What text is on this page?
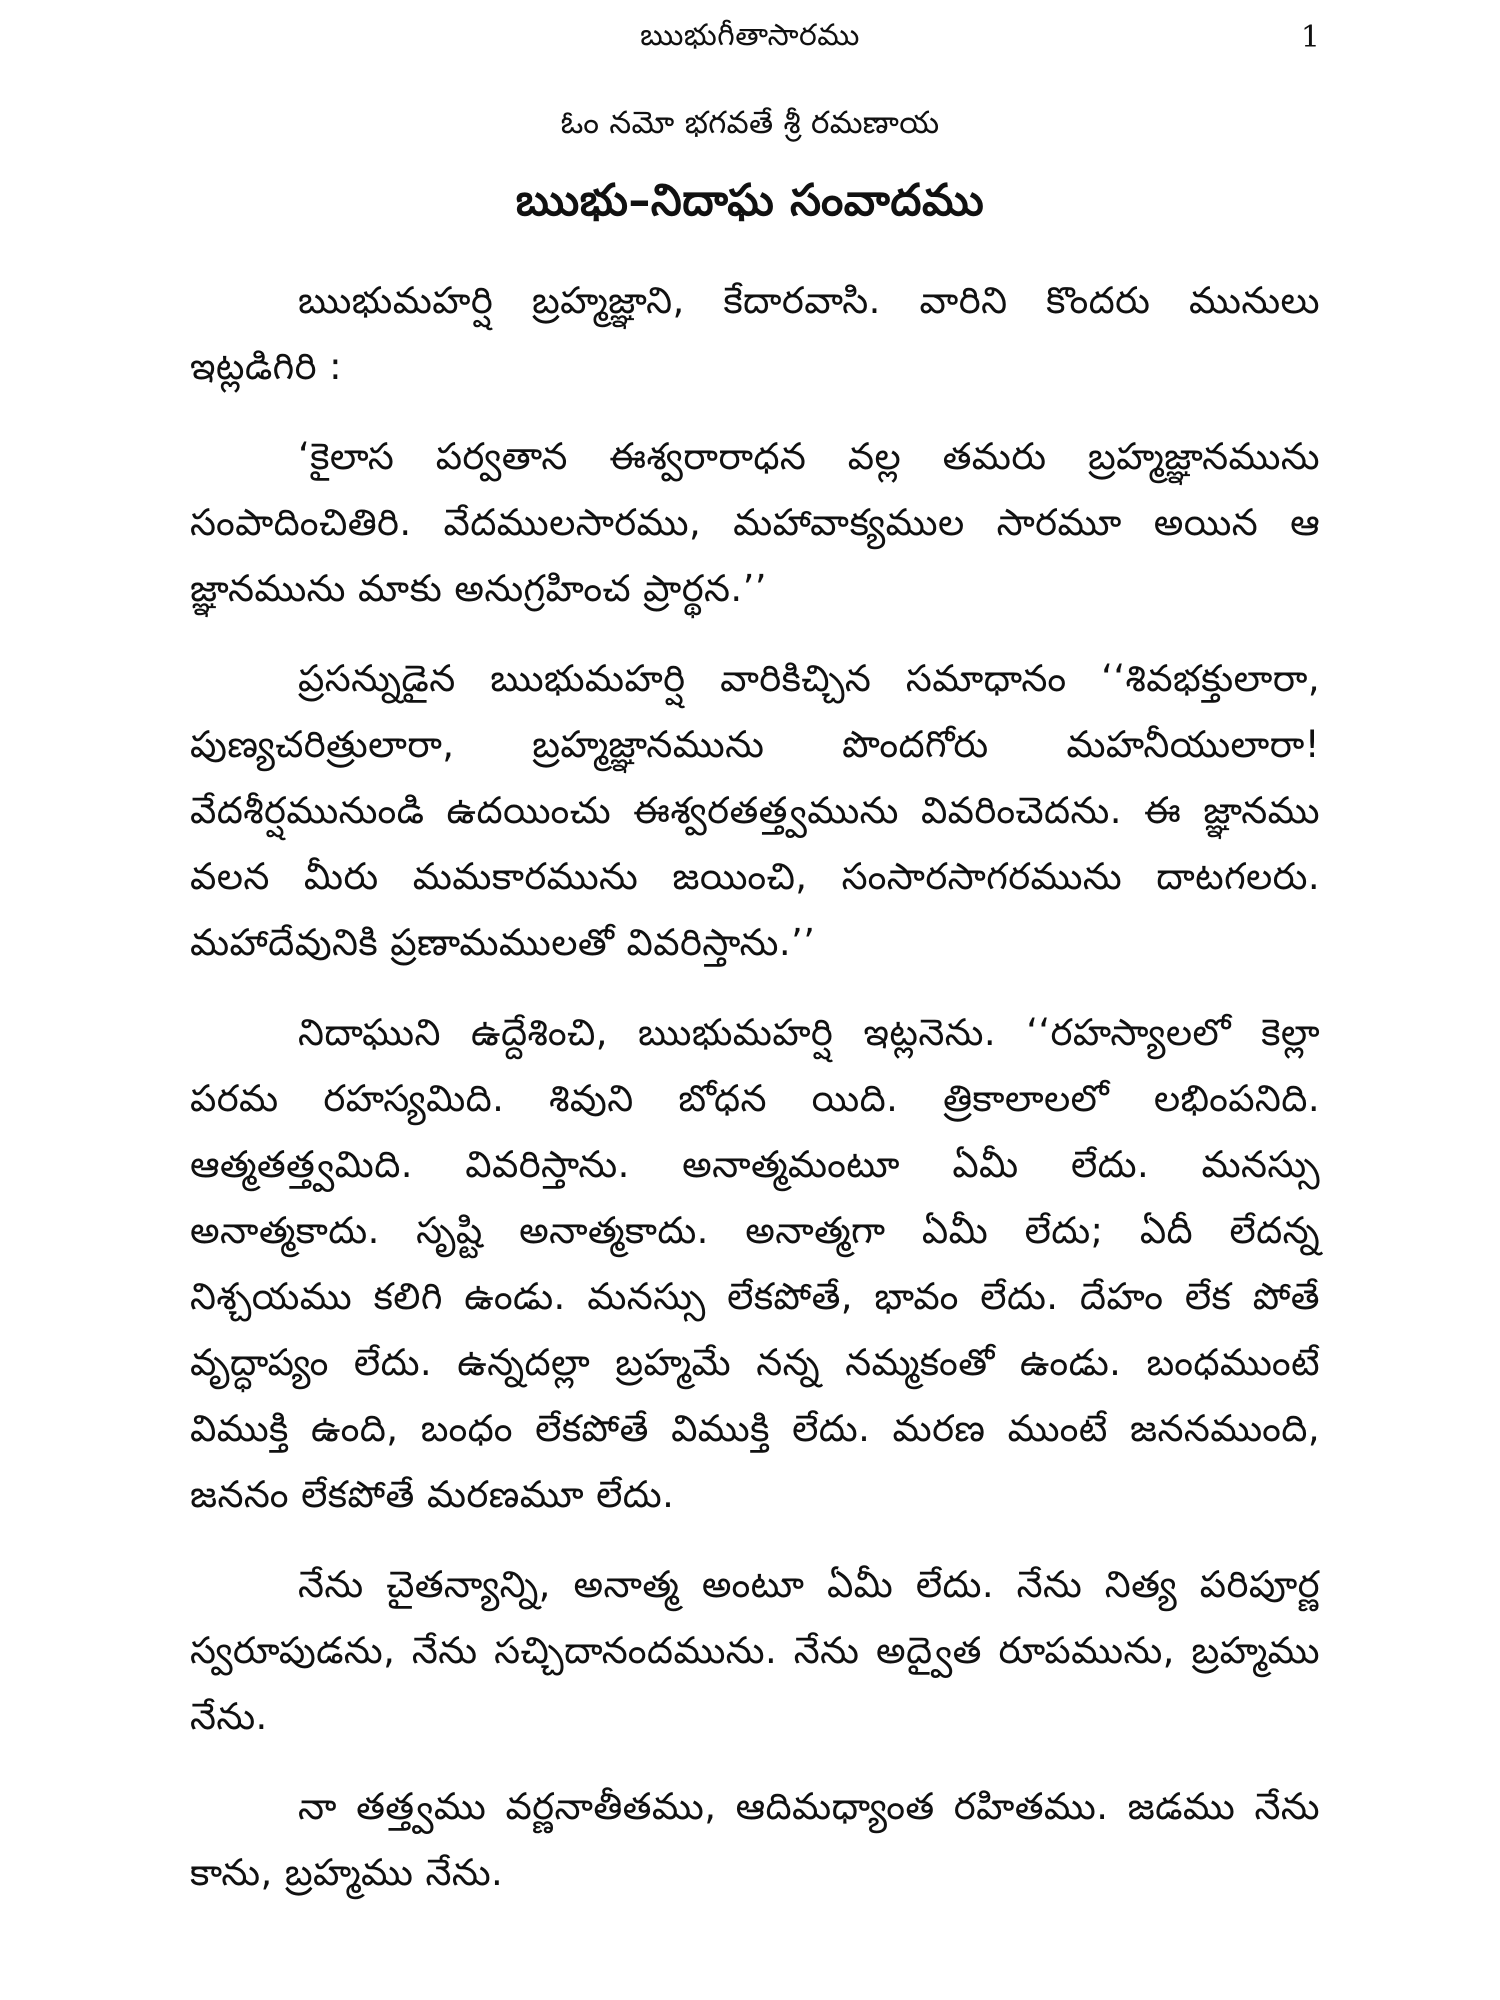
ఋభుగీతాసారము	1
ఓం నమో భగవతే శ్రీ రమణాయ
ఋభు–నిదాఘ సంవాదము

ఋభుమహర్షి బ్రహ్మజ్ఞాని, కేదారవాసి. వారిని కొందరు మునులు ఇట్లడిగిరి :

‘కైలాస పర్వతాన ఈశ్వరారాధన వల్ల తమరు బ్రహ్మజ్ఞానమును సంపాదించితిరి. వేదములసారము, మహావాక్యముల సారమూ అయిన ఆ జ్ఞానమును మాకు అనుగ్రహించ ప్రార్థన.’’

ప్రసన్నుడైన ఋభుమహర్షి వారికిచ్చిన సమాధానం ‘‘శివభక్తులారా, పుణ్యచరిత్రులారా, బ్రహ్మజ్ఞానమును పొందగోరు మహనీయులారా! వేదశీర్షమునుండి ఉదయించు ఈశ్వరతత్త్వమును వివరించెదను. ఈ జ్ఞానము వలన మీరు మమకారమును జయించి, సంసారసాగరమును దాటగలరు. మహాదేవునికి ప్రణామములతో వివరిస్తాను.’’

నిదాఘుని ఉద్దేశించి, ఋభుమహర్షి ఇట్లనెను. ‘‘రహస్యాలలో కెల్లా పరమ రహస్యమిది. శివుని బోధన యిది. త్రికాలాలలో లభింపనిది. ఆత్మతత్త్వమిది. వివరిస్తాను. అనాత్మమంటూ ఏమీ లేదు. మనస్సు అనాత్మకాదు. సృష్టి అనాత్మకాదు. అనాత్మగా ఏమీ లేదు; ఏదీ లేదన్న నిశ్చయము కలిగి ఉండు. మనస్సు లేకపోతే, భావం లేదు. దేహం లేక పోతే వృద్ధాప్యం లేదు. ఉన్నదల్లా బ్రహ్మమే నన్న నమ్మకంతో ఉండు. బంధముంటే విముక్తి ఉంది, బంధం లేకపోతే విముక్తి లేదు. మరణ ముంటే జననముంది, జననం లేకపోతే మరణమూ లేదు.

నేను చైతన్యాన్ని, అనాత్మ అంటూ ఏమీ లేదు. నేను నిత్య పరిపూర్ణ స్వరూపుడను, నేను సచ్చిదానందమును. నేను అద్వైత రూపమును, బ్రహ్మము నేను.

నా తత్త్వము వర్ణనాతీతము, ఆదిమధ్యాంత రహితము. జడము నేను కాను, బ్రహ్మము నేను.
